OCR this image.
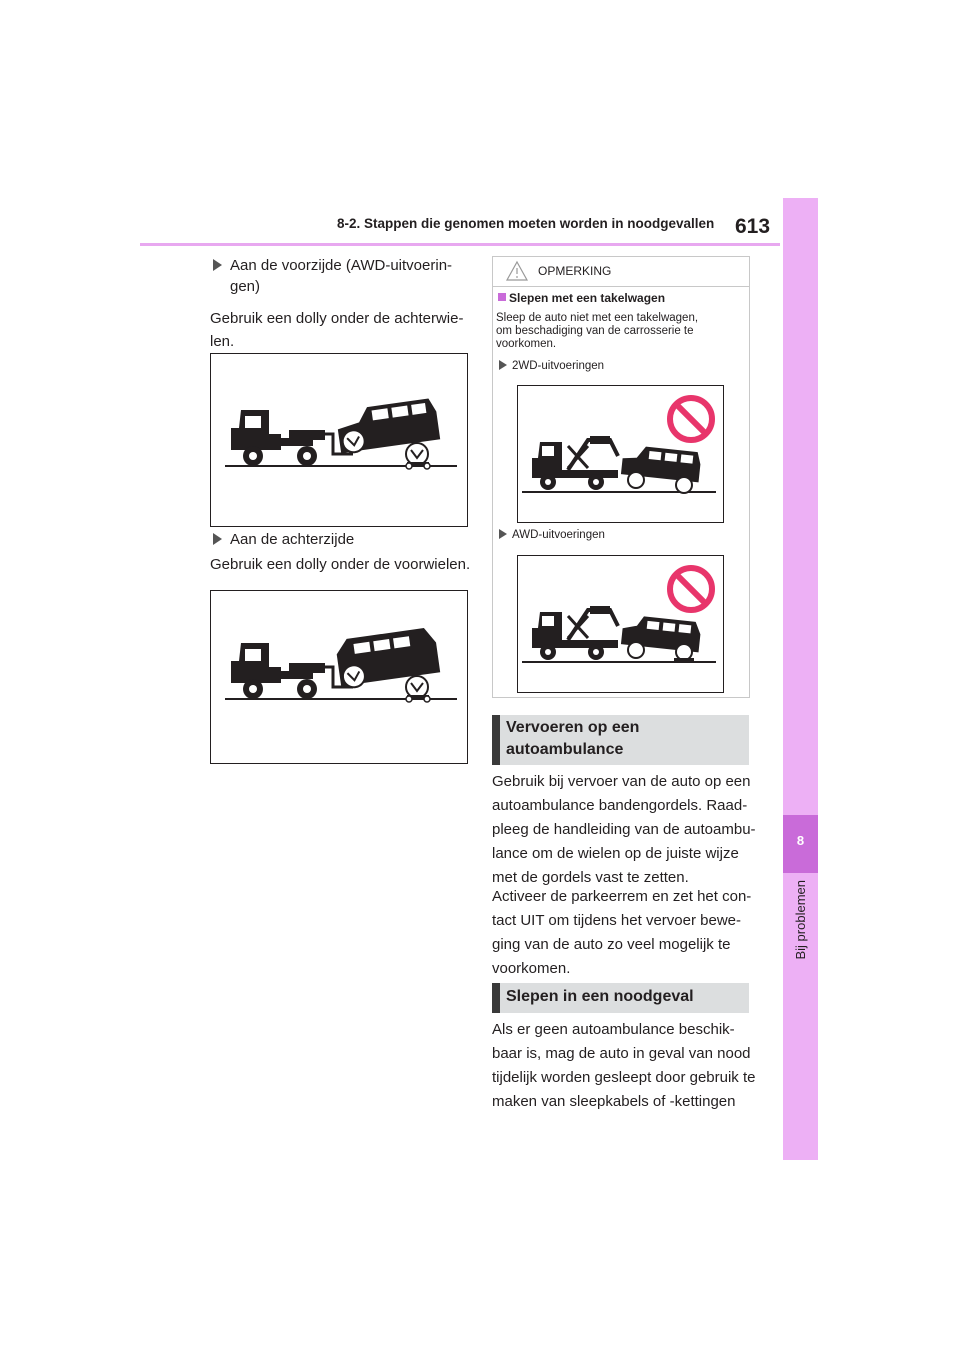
8-2. Stappen die genomen moeten worden in noodgevallen 613
8
Bij problemen
Aan de voorzijde (AWD-uitvoerin-
gen)
Gebruik een dolly onder de achterwie-
len.
Aan de achterzijde
Gebruik een dolly onder de voorwielen.
OPMERKING
Slepen met een takelwagen
Sleep de auto niet met een takelwagen,
om beschadiging van de carrosserie te
voorkomen.
2WD-uitvoeringen
AWD-uitvoeringen
Vervoeren op een
autoambulance
Gebruik bij vervoer van de auto op een
autoambulance bandengordels. Raad-
pleeg de handleiding van de autoambu-
lance om de wielen op de juiste wijze
met de gordels vast te zetten.
Activeer de parkeerrem en zet het con-
tact UIT om tijdens het vervoer bewe-
ging van de auto zo veel mogelijk te
voorkomen.
Slepen in een noodgeval
Als er geen autoambulance beschik-
baar is, mag de auto in geval van nood
tijdelijk worden gesleept door gebruik te
maken van sleepkabels of -kettingen
